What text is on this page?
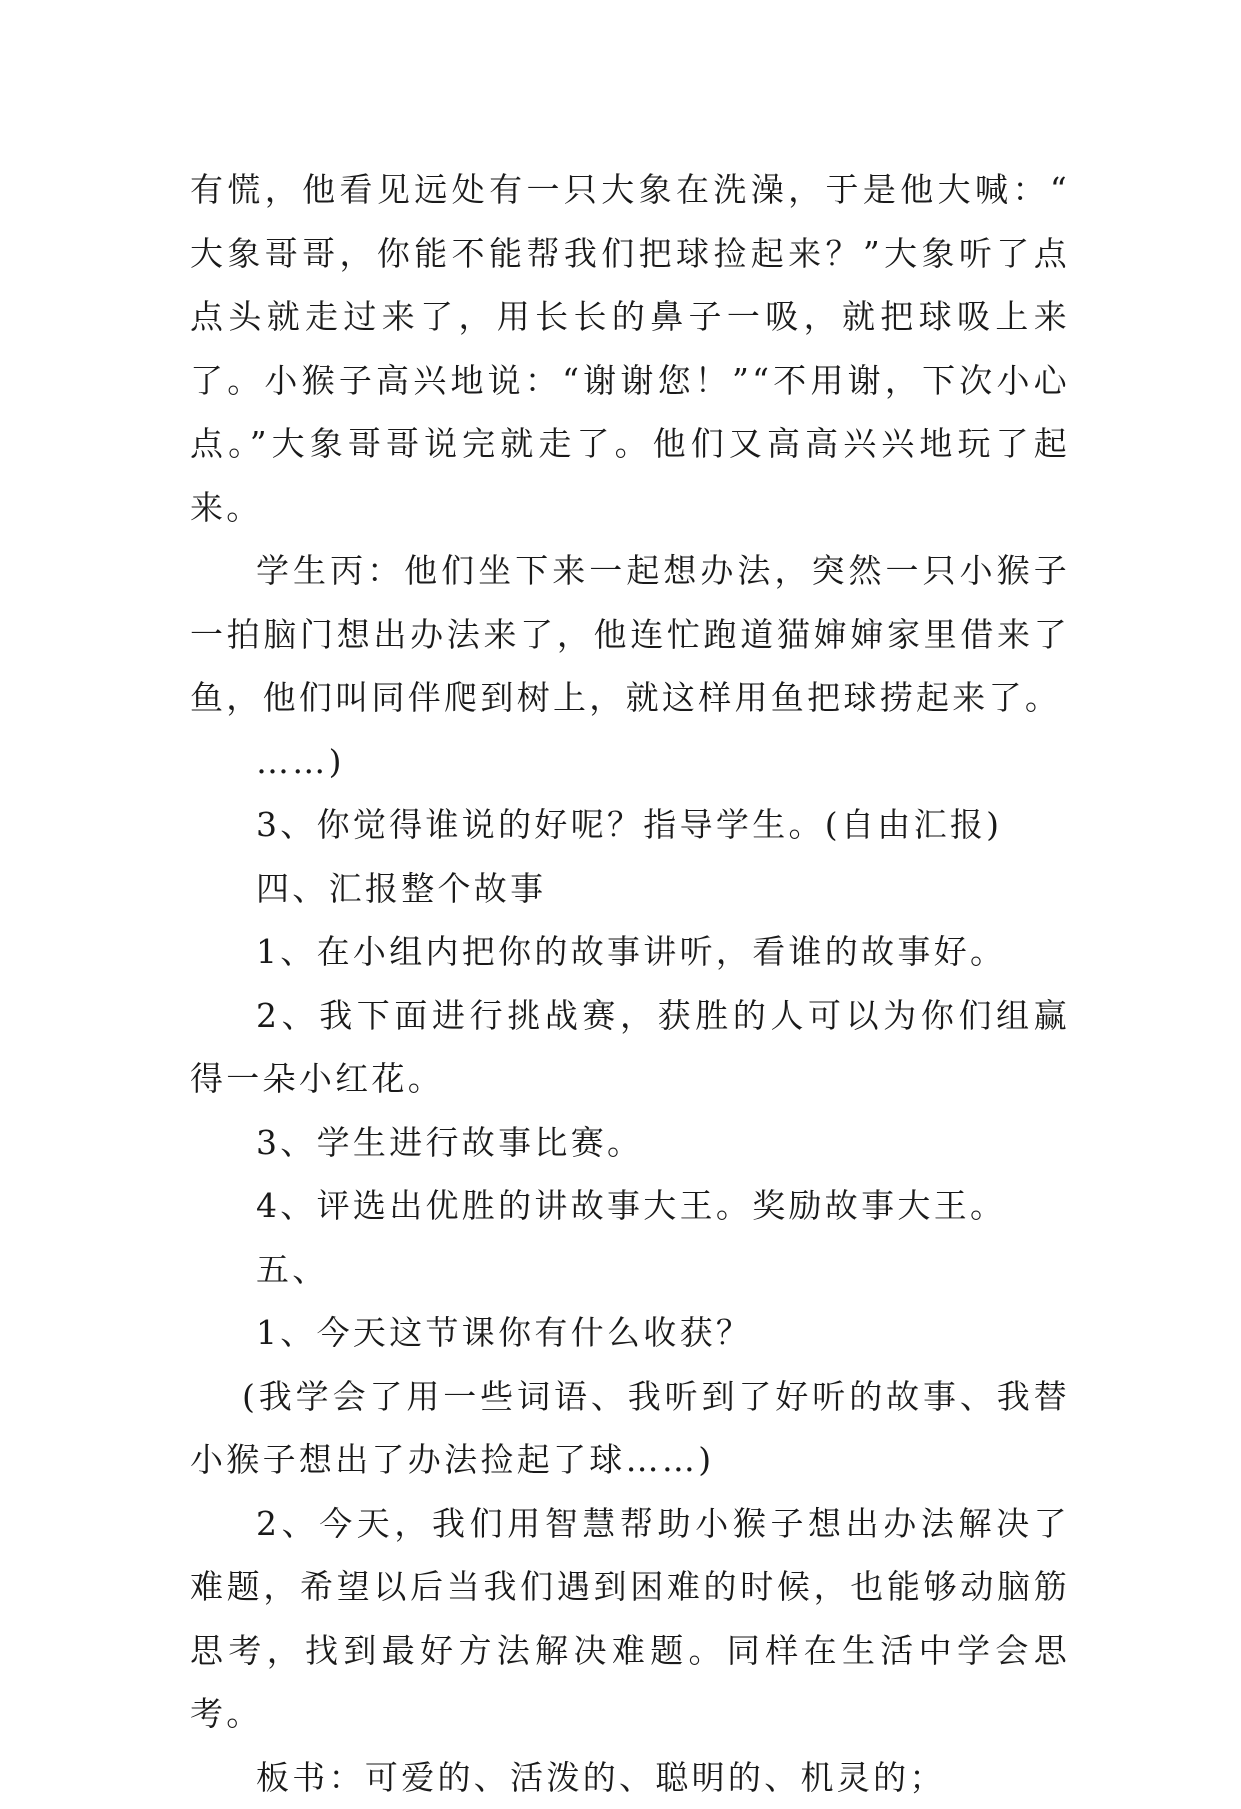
有慌，他看见远处有一只大象在洗澡，于是他大喊：“ 大象哥哥，你能不能帮我们把球捡起来？”大象听了点点头就走过来了，用长长的鼻子一吸，就把球吸上来了。小猴子高兴地说：“谢谢您！”“不用谢，下次小心点。”大象哥哥说完就走了。他们又高高兴兴地玩了起来。

学生丙：他们坐下来一起想办法，突然一只小猴子一拍脑门想出办法来了，他连忙跑道猫婶婶家里借来了鱼，他们叫同伴爬到树上，就这样用鱼把球捞起来了。

……)

3、你觉得谁说的好呢？指导学生。(自由汇报)

四、汇报整个故事

1、在小组内把你的故事讲听，看谁的故事好。

2、我下面进行挑战赛，获胜的人可以为你们组赢得一朵小红花。

3、学生进行故事比赛。

4、评选出优胜的讲故事大王。奖励故事大王。

五、

1、今天这节课你有什么收获？

(我学会了用一些词语、我听到了好听的故事、我替小猴子想出了办法捡起了球……)

2、今天，我们用智慧帮助小猴子想出办法解决了难题，希望以后当我们遇到困难的时候，也能够动脑筋思考，找到最好方法解决难题。同样在生活中学会思考。

板书：可爱的、活泼的、聪明的、机灵的；
